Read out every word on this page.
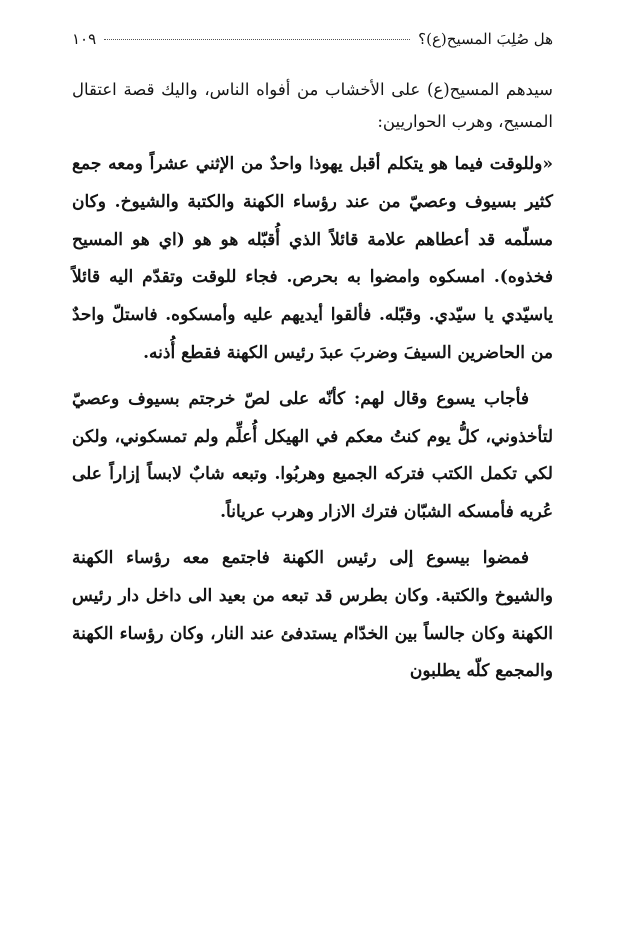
هل صُلِبَ المسيح(ع)؟
١٠٩
سيدهم المسيح(ع) على الأخشاب من أفواه الناس، واليك قصة اعتقال المسيح، وهرب الحواريين:

«وللوقت فيما هو يتكلم أقبل يهوذا واحدٌ من الإثني عشراً ومعه جمع كثير بسيوف وعصيّ من عند رؤساء الكهنة والكتبة والشيوخ. وكان مسلّمه قد أعطاهم علامة قائلاً الذي أُقبّله هو هو (اي هو المسيح فخذوه). امسكوه وامضوا به بحرص. فجاء للوقت وتقدّم اليه قائلاً ياسيّدي يا سيّدي. وقبّله. فألقوا أيديهم عليه وأمسكوه. فاستلّ واحدٌ من الحاضرين السيفَ وضربَ عبدَ رئيس الكهنة فقطع أُذنه.

فأجاب يسوع وقال لهم: كأنّه على لصّ خرجتم بسيوف وعصيّ لتأخذوني، كلُّ يوم كنتُ معكم في الهيكل أُعلِّم ولم تمسكوني، ولكن لكي تكمل الكتب فتركه الجميع وهربُوا. وتبعه شابٌ لابساً إزاراً على عُريه فأمسكه الشبّان فترك الازار وهرب عرياناً.

فمضوا بيسوع إلى رئيس الكهنة فاجتمع معه رؤساء الكهنة والشيوخ والكتبة. وكان بطرس قد تبعه من بعيد الى داخل دار رئيس الكهنة وكان جالساً بين الخدّام يستدفئ عند النار، وكان رؤساء الكهنة والمجمع كلّه يطلبون
